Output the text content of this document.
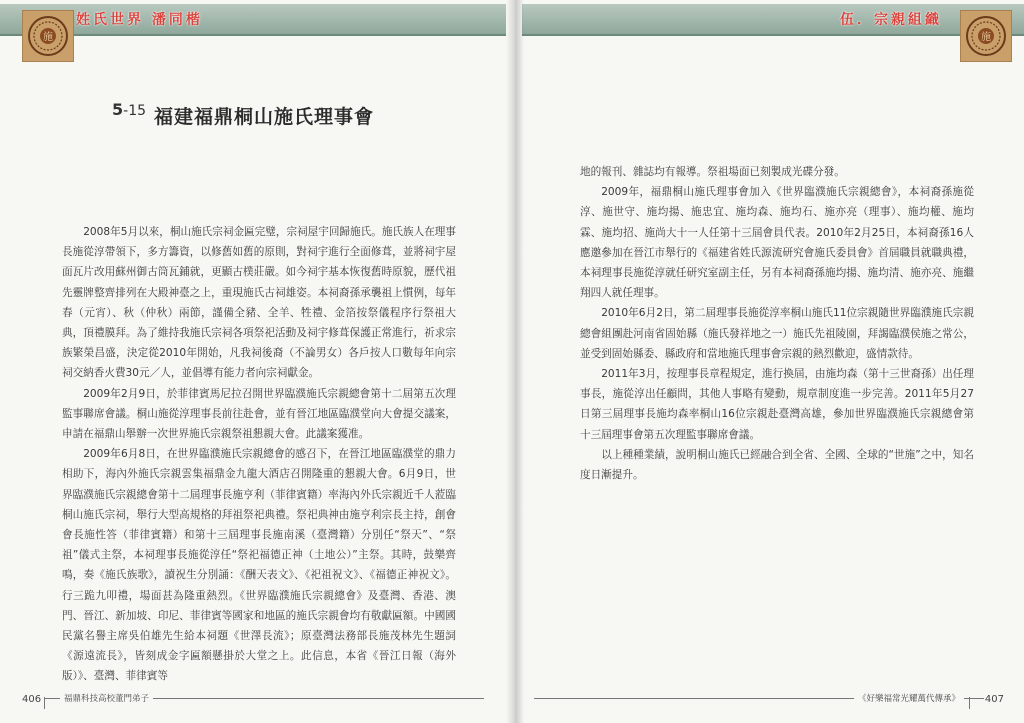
姓氏世界 潘同楷
施
5-15 福建福鼎桐山施氏理事會

2008年5月以來，桐山施氏宗祠金匾完璧，宗祠屋宇回歸施氏。施氏族人在理事長施從淳帶領下，多方籌資，以修舊如舊的原則，對祠宇進行全面修葺，並將祠宇屋面瓦片改用蘇州御古筒瓦鋪就，更顯古樸莊嚴。如今祠宇基本恢復舊時原貌，歷代祖先靈牌整齊排列在大殿神臺之上，重現施氏古祠雄姿。本祠裔孫承襲祖上慣例，每年春（元宵）、秋（仲秋）兩節，謹備全豬、全羊、牲禮、金箔按祭儀程序行祭祖大典，頂禮膜拜。為了維持我施氏宗祠各項祭祀活動及祠宇修葺保護正常進行，祈求宗族繁榮昌盛，決定從2010年開始，凡我祠後裔（不論男女）各戶按人口數每年向宗祠交納香火費30元／人，並倡導有能力者向宗祠獻金。

2009年2月9日，於菲律賓馬尼拉召開世界臨濮施氏宗親總會第十二屆第五次理監事聯席會議。桐山施從淳理事長前往赴會，並有晉江地區臨濮堂向大會提交議案，申請在福鼎山舉辦一次世界施氏宗親祭祖懇親大會。此議案獲准。

2009年6月8日，在世界臨濮施氏宗親總會的感召下，在晉江地區臨濮堂的鼎力相助下，海內外施氏宗親雲集福鼎金九龍大酒店召開隆重的懇親大會。6月9日，世界臨濮施氏宗親總會第十二屆理事長施亨利（菲律賓籍）率海內外氏宗親近千人蒞臨桐山施氏宗祠，舉行大型高規格的拜祖祭祀典禮。祭祀典神由施亨利宗長主持，創會會長施性答（菲律賓籍）和第十三屆理事長施南溪（臺灣籍）分別任“祭天”、“祭祖”儀式主祭，本祠理事長施從淳任“祭祀福德正神（土地公）”主祭。其時，鼓樂齊鳴，奏《施氏族歌》，讀祝生分別誦：《酬天表文》、《祀祖祝文》、《福德正神祝文》。行三跪九叩禮，場面甚為隆重熱烈。《世界臨濮施氏宗親總會》及臺灣、香港、澳門、晉江、新加坡、印尼、菲律賓等國家和地區的施氏宗親會均有敬獻匾額。中國國民黨名譽主席吳伯雄先生給本祠題《世澤長流》；原臺灣法務部長施茂林先生題詞《源遠流長》，皆刻成金字匾額懸掛於大堂之上。此信息，本省《晉江日報（海外版）》、臺灣、菲律賓等

406	福鼎科技高校董門弟子
伍．宗親組織
施

地的報刊、雜誌均有報導。祭祖場面已刻製成光碟分發。

2009年，福鼎桐山施氏理事會加入《世界臨濮施氏宗親總會》，本祠裔孫施從淳、施世守、施均揚、施忠宜、施均森、施均石、施亦亮（理事）、施均權、施均霖、施均招、施尚大十一人任第十三屆會員代表。2010年2月25日，本祠裔孫16人應邀參加在晉江市舉行的《福建省姓氏源流研究會施氏委員會》首屆職員就職典禮，本祠理事長施從淳就任研究室副主任，另有本祠裔孫施均揚、施均清、施亦亮、施繼翔四人就任理事。

2010年6月2日，第二屆理事長施從淳率桐山施氏11位宗親隨世界臨濮施氏宗親總會組團赴河南省固始縣（施氏發祥地之一）施氏先祖陵園，拜謁臨濮侯施之常公，並受到固始縣委、縣政府和當地施氏理事會宗親的熱烈歡迎，盛情款待。

2011年3月，按理事長章程規定，進行換屆，由施均森（第十三世裔孫）出任理事長，施從淳出任顧問，其他人事略有變動，規章制度進一步完善。2011年5月27日第三屆理事長施均森率桐山16位宗親赴臺灣高雄，參加世界臨濮施氏宗親總會第十三屆理事會第五次理監事聯席會議。

以上種種業績，說明桐山施氏已經融合到全省、全國、全球的“世施”之中，知名度日漸提升。

407
《好樂福常光耀萬代傳承》
